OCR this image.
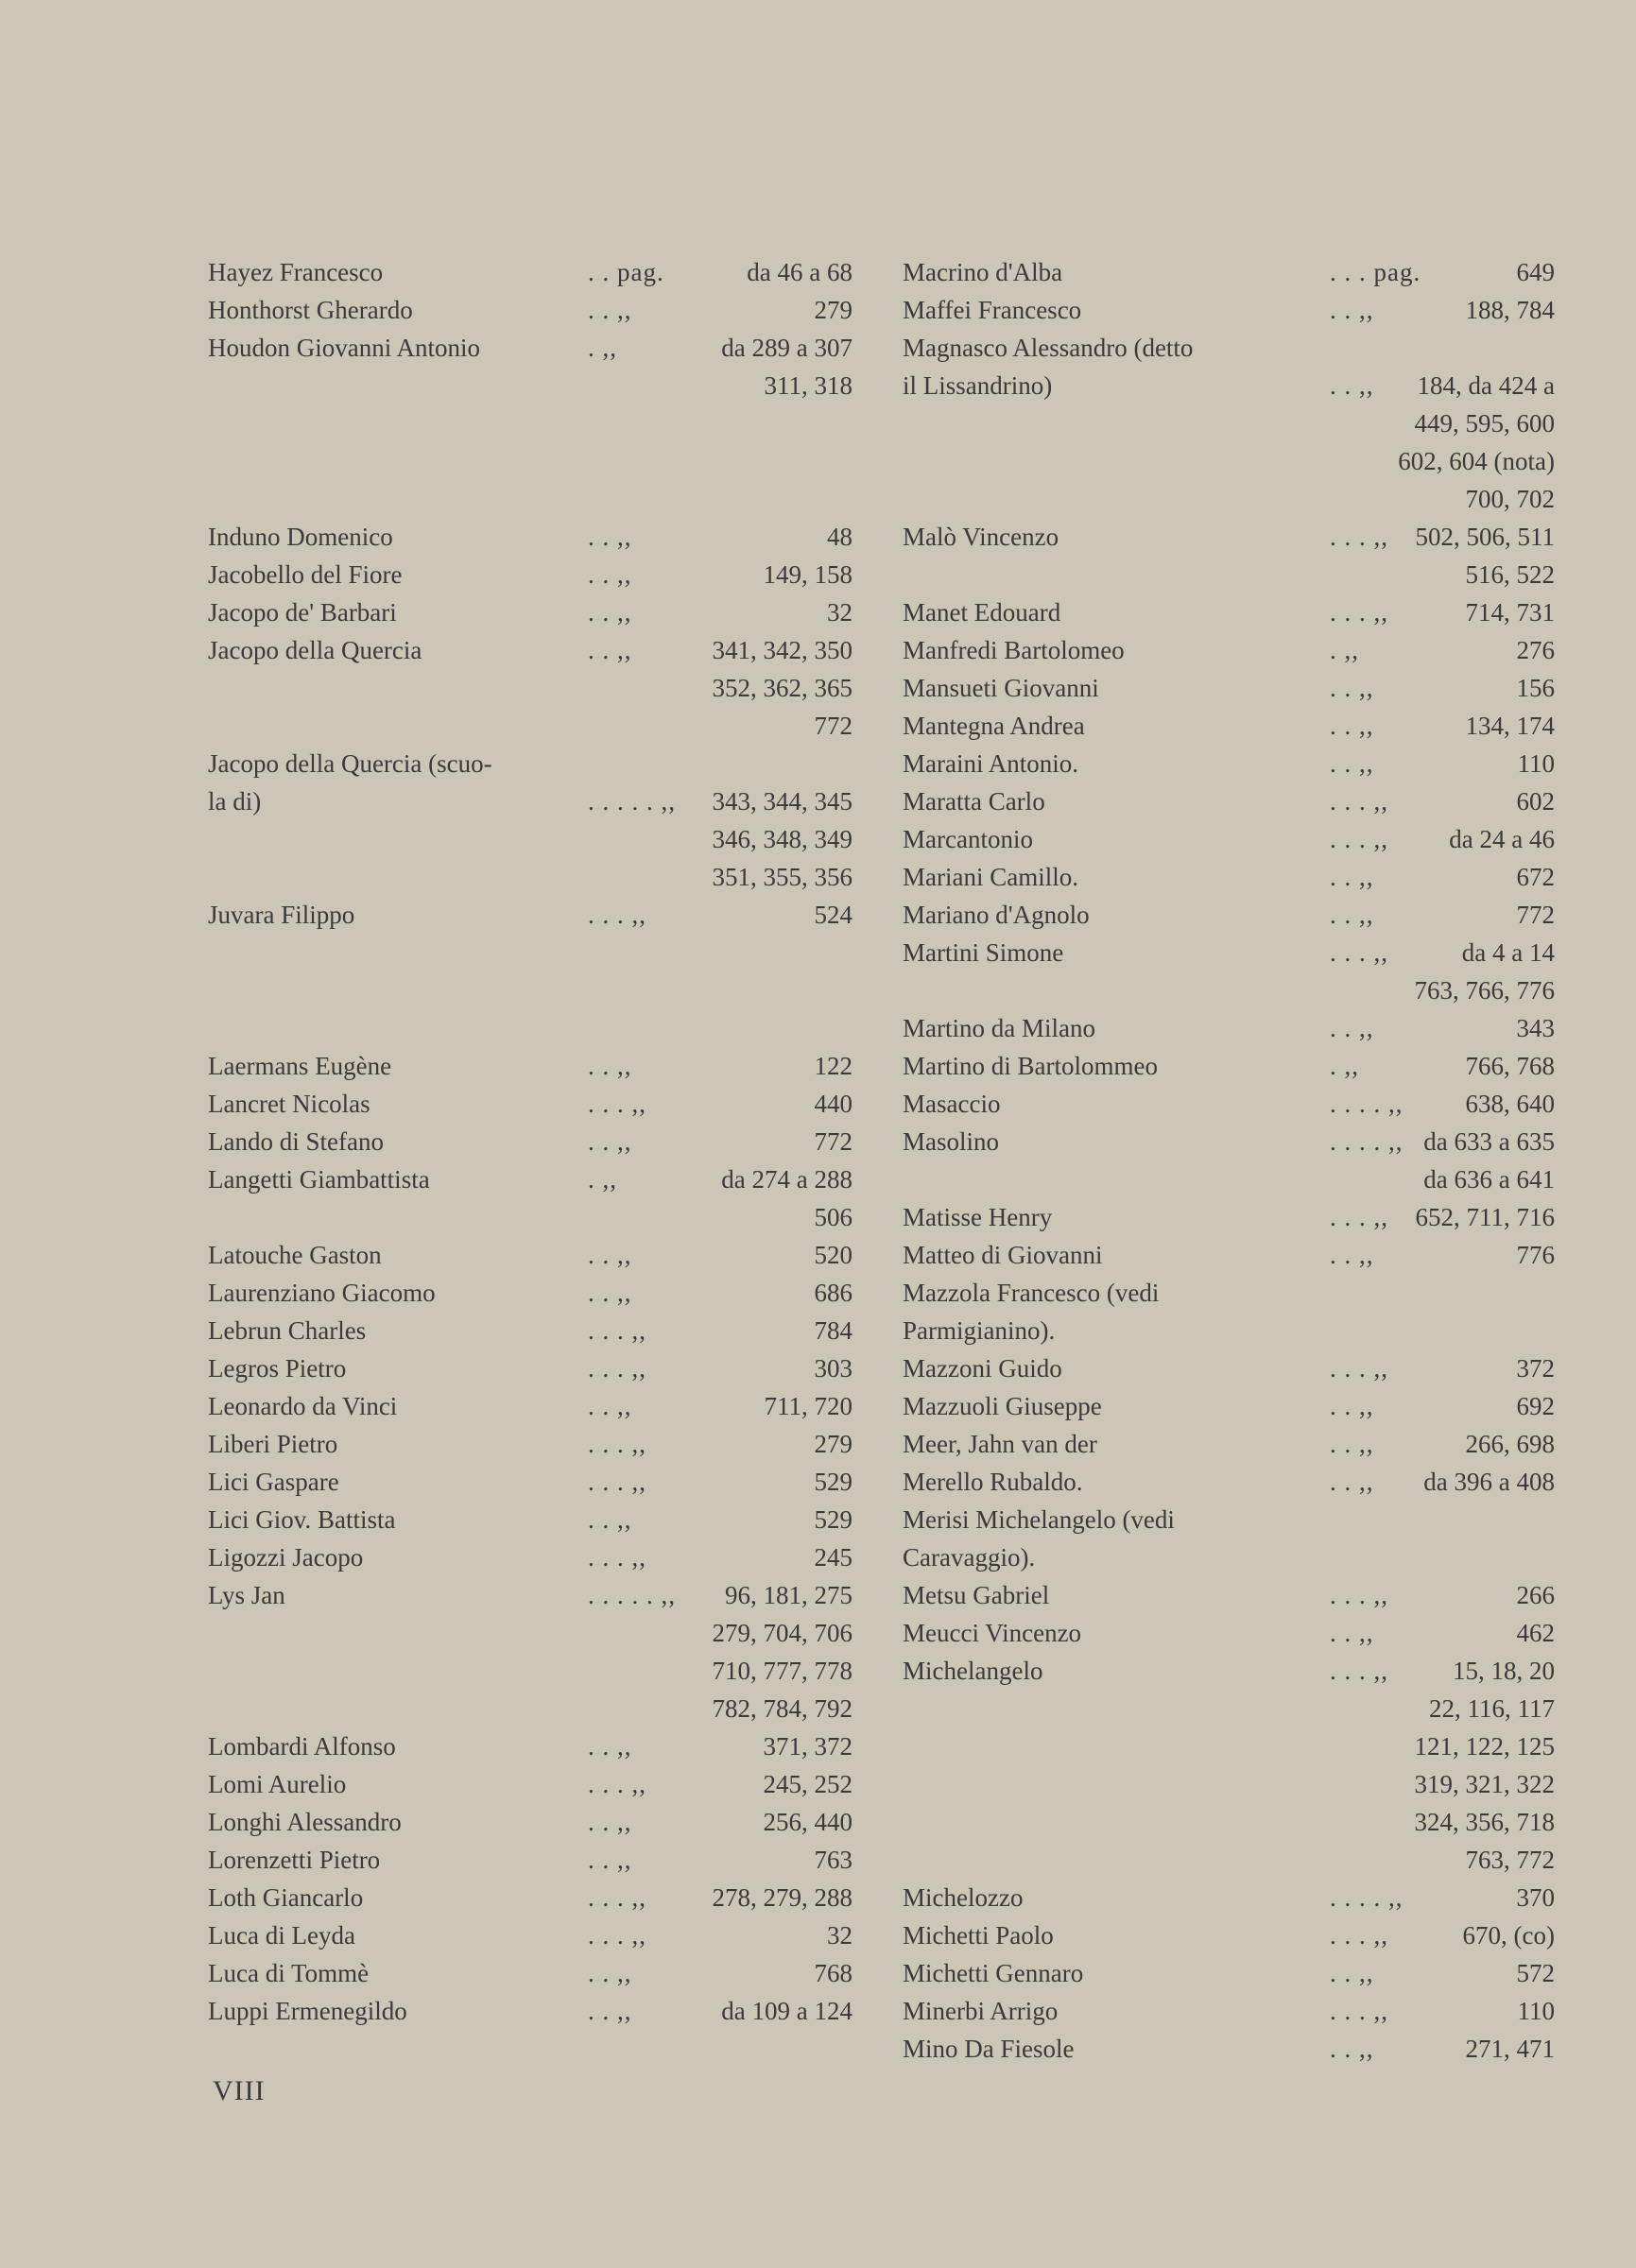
Hayez Francesco	. . pag.	da 46 a 68
Honthorst Gherardo	. . ,,	279
Houdon Giovanni Antonio	. ,,	da 289 a 307
311, 318
Induno Domenico	. . ,,	48
Jacobello del Fiore	. . ,,	149, 158
Jacopo de' Barbari	. . ,,	32
Jacopo della Quercia	. . ,,	341, 342, 350
352, 362, 365
772
Jacopo della Quercia (scuo-
la di)	. . . . . ,, 343, 344, 345
346, 348, 349
351, 355, 356
Juvara Filippo	. . . ,,	524
Laermans Eugène	. . ,,	122
Lancret Nicolas	. . . ,,	440
Lando di Stefano	. . ,,	772
Langetti Giambattista	. ,,	da 274 a 288
506
Latouche Gaston	. . ,,	520
Laurenziano Giacomo	. . ,,	686
Lebrun Charles	. . . ,,	784
Legros Pietro	. . . ,,	303
Leonardo da Vinci	. . ,,	711, 720
Liberi Pietro	. . . ,,	279
Lici Gaspare	. . . ,,	529
Lici Giov. Battista	. . ,,	529
Ligozzi Jacopo	. . . ,,	245
Lys Jan	. . . . . ,,	96, 181, 275
279, 704, 706
710, 777, 778
782, 784, 792
Lombardi Alfonso	. . ,,	371, 372
Lomi Aurelio	. . . ,,	245, 252
Longhi Alessandro	. . ,,	256, 440
Lorenzetti Pietro	. . ,,	763
Loth Giancarlo	. . . ,,	278, 279, 288
Luca di Leyda	. . . ,,	32
Luca di Tommè	. . ,,	768
Luppi Ermenegildo	. . ,,	da 109 a 124
Macrino d'Alba	. . . pag.	649
Maffei Francesco	. . ,,	188, 784
Magnasco Alessandro (detto
il Lissandrino)	. . ,,	184, da 424 a
449, 595, 600
602, 604 (nota)
700, 702
Malò Vincenzo	. . . ,, 502, 506, 511
516, 522
Manet Edouard	. . . ,,	714, 731
Manfredi Bartolomeo	. ,,	276
Mansueti Giovanni	. . ,,	156
Mantegna Andrea	. . ,,	134, 174
Maraini Antonio.	. . ,,	110
Maratta Carlo	. . . ,,	602
Marcantonio	. . . ,, da 24 a 46
Mariani Camillo.	. . ,,	672
Mariano d'Agnolo	. . ,,	772
Martini Simone	. . . ,,	da 4 a 14
763, 766, 776
Martino da Milano	. . ,,	343
Martino di Bartolommeo	. ,,	766, 768
Masaccio	. . . . ,, 638, 640
Masolino	. . . . ,, da 633 a 635
da 636 a 641
Matisse Henry	. . . ,, 652, 711, 716
Matteo di Giovanni	. . ,,	776
Mazzola Francesco (vedi
Parmigianino).
Mazzoni Guido	. . . ,,	372
Mazzuoli Giuseppe	. . ,,	692
Meer, Jahn van der	. . ,,	266, 698
Merello Rubaldo.	. . ,, da 396 a 408
Merisi Michelangelo (vedi
Caravaggio).
Metsu Gabriel	. . . ,,	266
Meucci Vincenzo	. . ,,	462
Michelangelo	. . . ,,	15, 18, 20
22, 116, 117
121, 122, 125
319, 321, 322
324, 356, 718
763, 772
Michelozzo	. . . . ,,	370
Michetti Paolo	. . . ,,	670, (co)
Michetti Gennaro	. . ,,	572
Minerbi Arrigo	. . . ,,	110
Mino Da Fiesole	. . ,,	271, 471
VIII
